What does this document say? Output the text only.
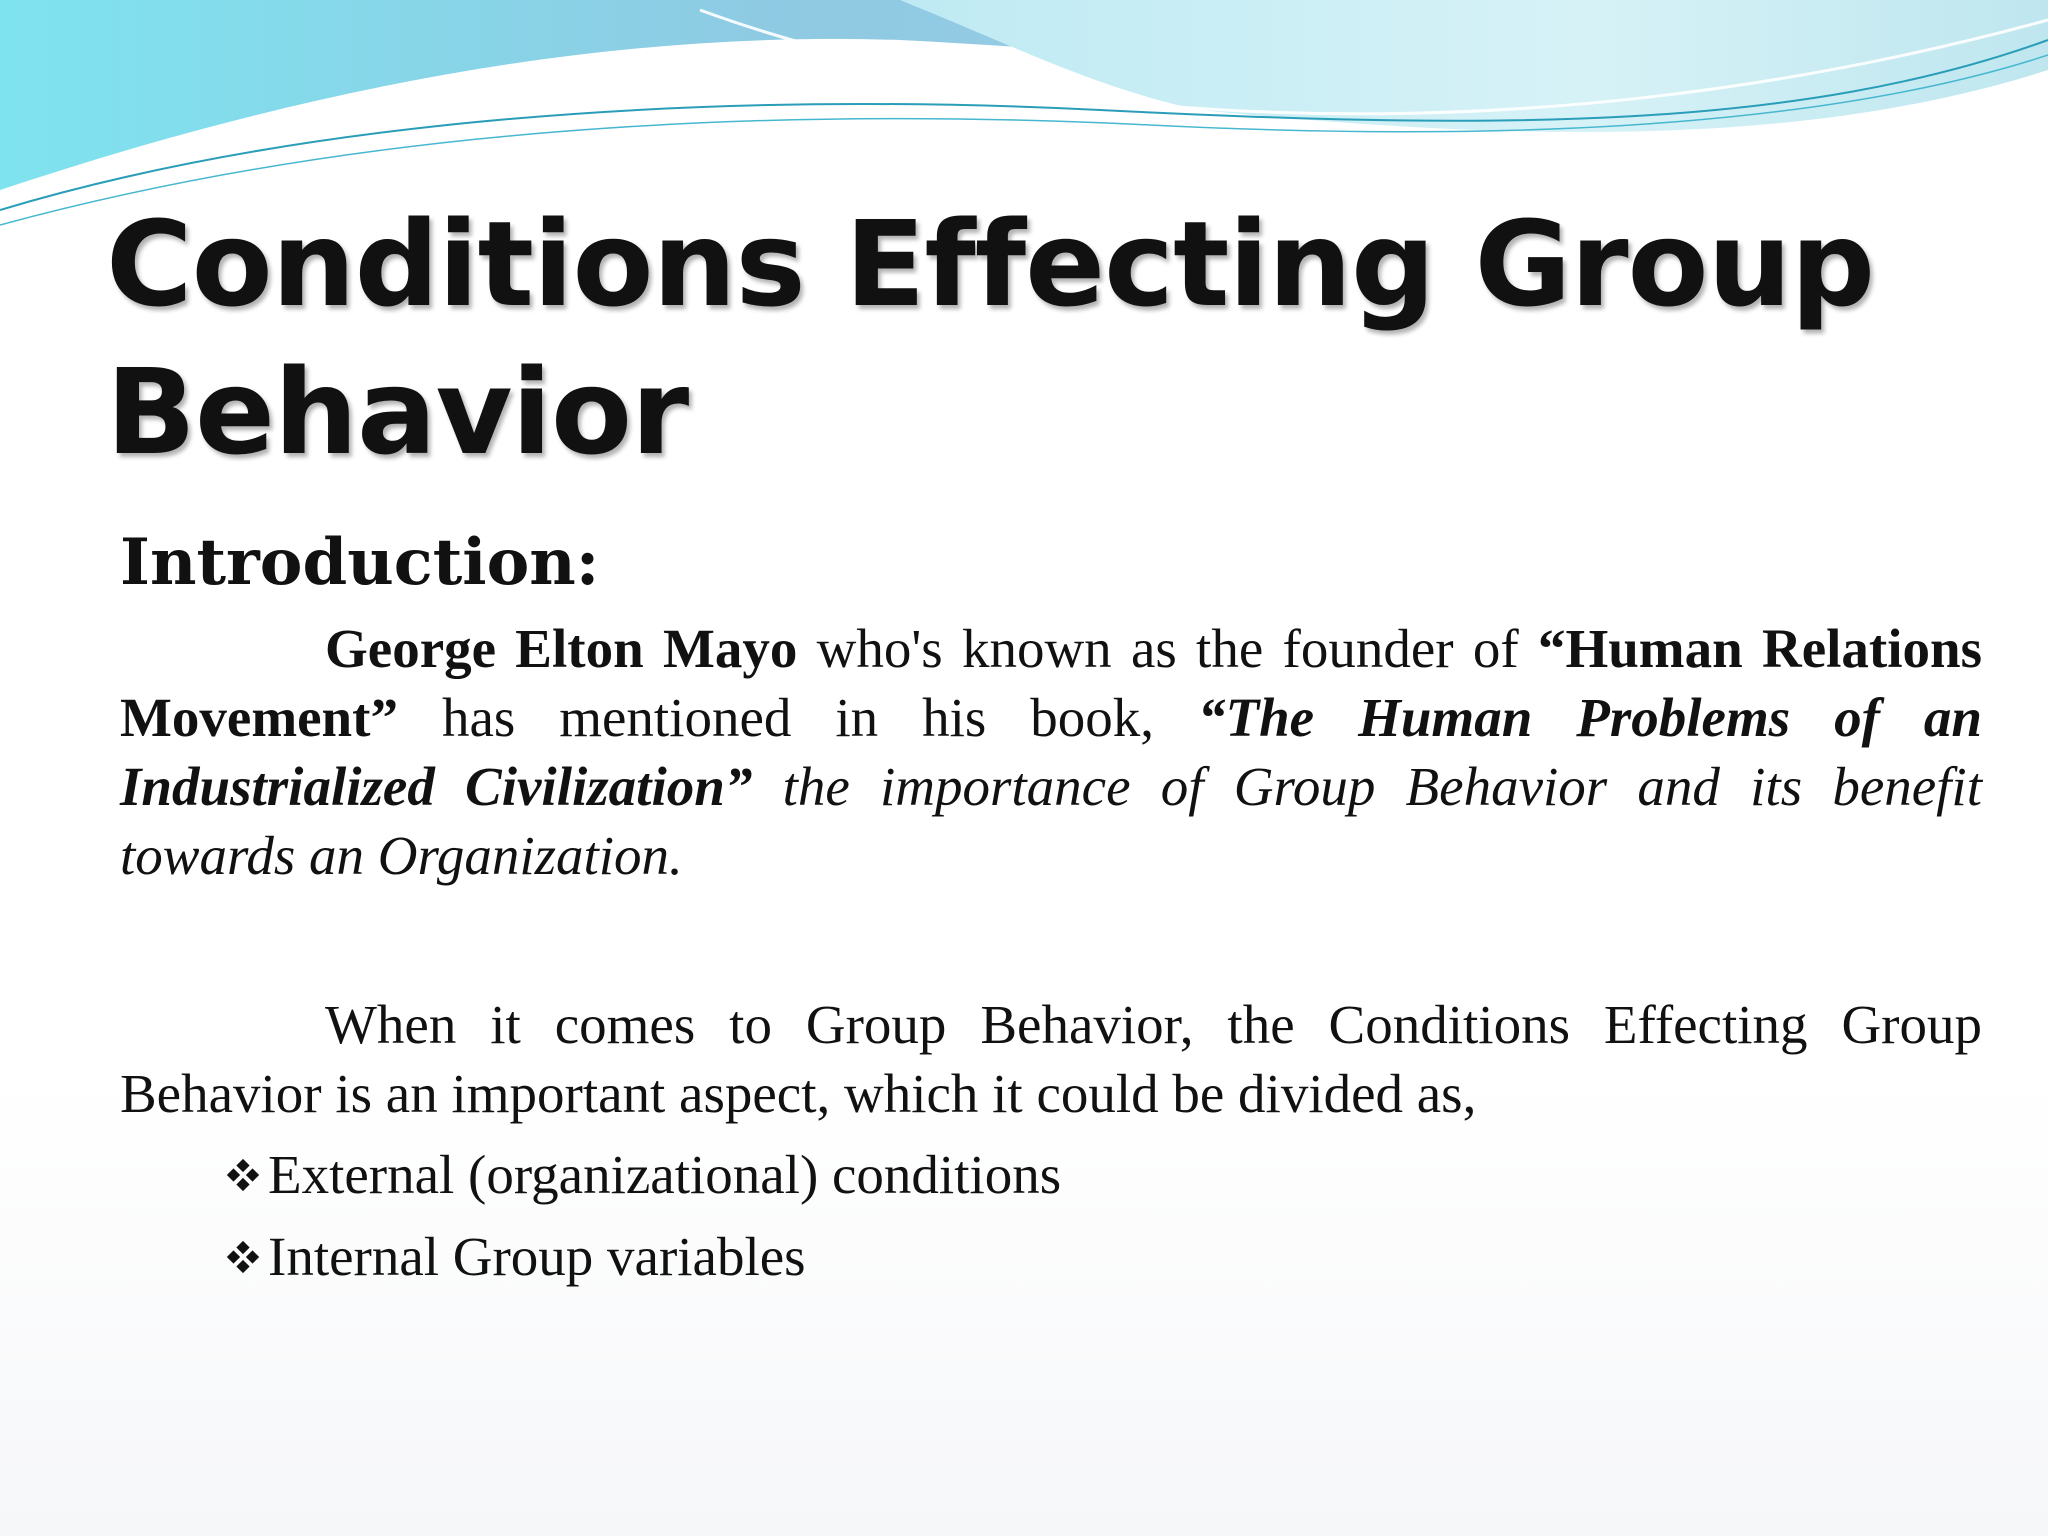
Conditions Effecting Group Behavior
Introduction:

George Elton Mayo who's known as the founder of “Human Relations Movement” has mentioned in his book, “The Human Problems of an Industrialized Civilization” the importance of Group Behavior and its benefit towards an Organization.

When it comes to Group Behavior, the Conditions Effecting Group Behavior is an important aspect, which it could be divided as,

External (organizational) conditions
Internal Group variables
